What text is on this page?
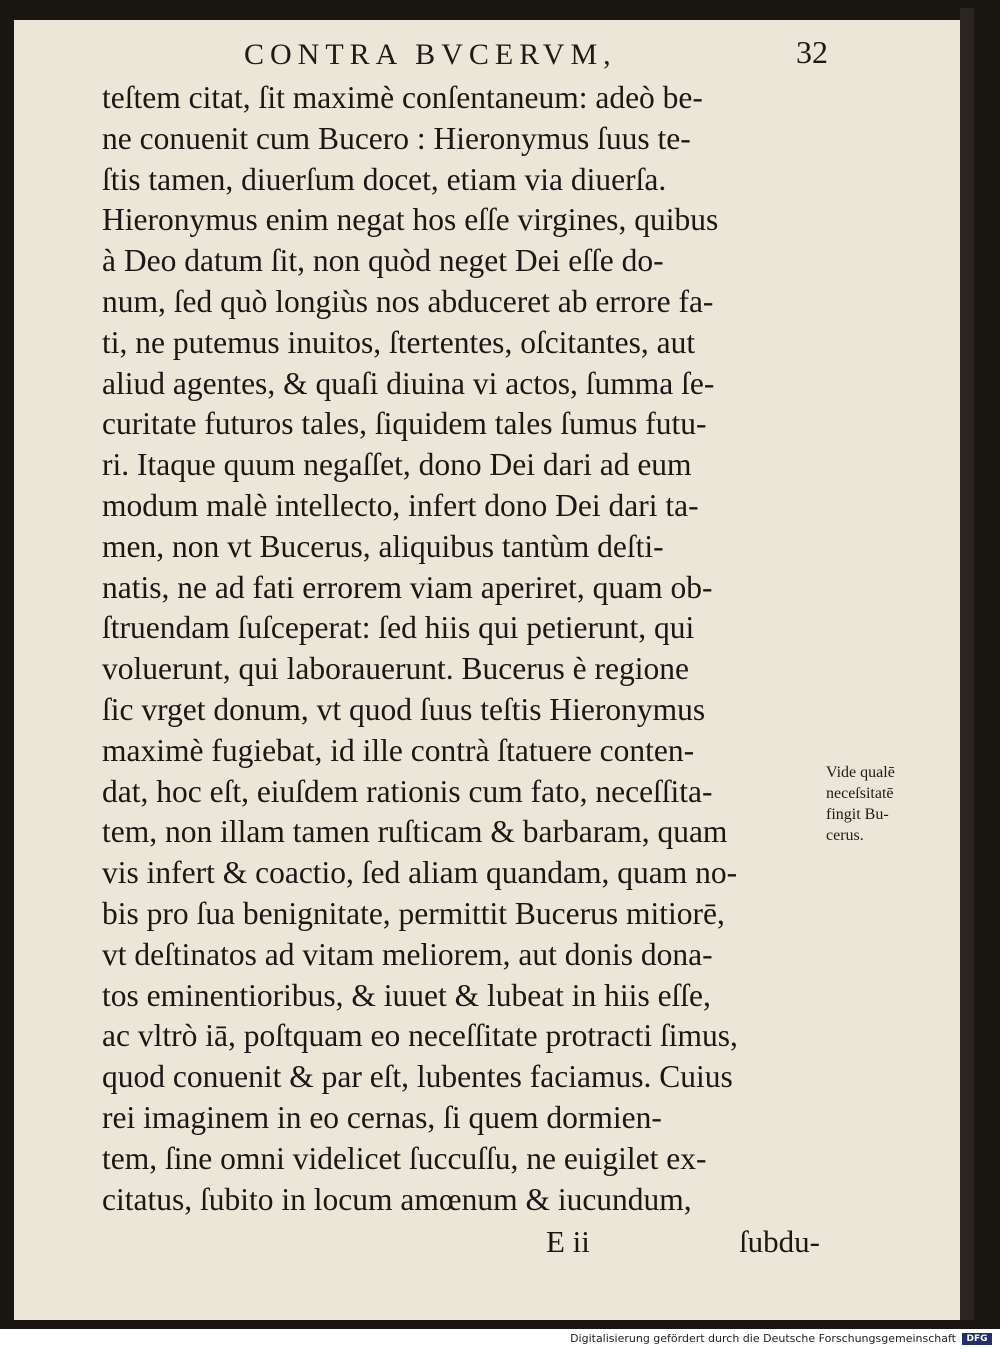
CONTRA BVCERVM,	32
teſtem citat, ſit maximè conſentaneum: adeò be-
ne conuenit cum Bucero : Hieronymus ſuus te-
ſtis tamen, diuerſum docet, etiam via diuerſa.
Hieronymus enim negat hos eſſe virgines, quibus
à Deo datum ſit, non quòd neget Dei eſſe do-
num, ſed quò longiùs nos abduceret ab errore fa-
ti, ne putemus inuitos, ſtertentes, oſcitantes, aut
aliud agentes, & quaſi diuina vi actos, ſumma ſe-
curitate futuros tales, ſiquidem tales ſumus futu-
ri. Itaque quum negaſſet, dono Dei dari ad eum
modum malè intellecto, infert dono Dei dari ta-
men, non vt Bucerus, aliquibus tantùm deſti-
natis, ne ad fati errorem viam aperiret, quam ob-
ſtruendam ſuſceperat: ſed hiis qui petierunt, qui
voluerunt, qui laborauerunt. Bucerus è regione
ſic vrget donum, vt quod ſuus teſtis Hieronymus
maximè fugiebat, id ille contrà ſtatuere conten-
dat, hoc eſt, eiuſdem rationis cum fato, neceſſita-
tem, non illam tamen ruſticam & barbaram, quam
vis infert & coactio, ſed aliam quandam, quam no-
bis pro ſua benignitate, permittit Bucerus mitiorē,
vt deſtinatos ad vitam meliorem, aut donis dona-
tos eminentioribus, & iuuet & lubeat in hiis eſſe,
ac vltrò iā, poſtquam eo neceſſitate protracti ſimus,
quod conuenit & par eſt, lubentes faciamus. Cuius
rei imaginem in eo cernas, ſi quem dormien-
tem, ſine omni videlicet ſuccuſſu, ne euigilet ex-
citatus, ſubito in locum amœnum & iucundum,
E ii	ſubdu-
Vide qualē
neceſsitatē
fingit Bu-
cerus.
Digitalisierung gefördert durch die Deutsche Forschungsgemeinschaft	DFG
